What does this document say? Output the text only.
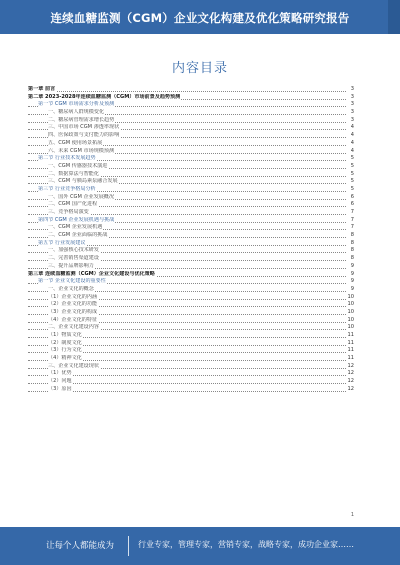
连续血糖监测（CGM）企业文化构建及优化策略研究报告
内容目录
第一章 前言	3
第二章 2023-2028年连续血糖监测（CGM）市场前景及趋势预测	3
第一节 CGM 市场需求分析及预测	3
一、糖尿病人群规模变化	3
二、糖尿病管理需求增长趋势	3
三、中国市场 CGM 渗透率现状	4
四、医保政策与支付能力的影响	4
五、CGM 使用场景拓展	4
六、未来 CGM 市场规模预测	4
第二节 行业技术发展趋势	5
一、CGM 传感器技术演进	5
二、数据算法与智能化	5
三、CGM 与胰岛素泵融合发展	5
第三节 行业竞争格局分析	5
一、国外 CGM 企业发展概况	6
二、CGM 国产化进程	6
三、竞争格局演变	7
第四节 CGM 企业发展机遇与挑战	7
一、CGM 企业发展机遇	7
二、CGM 企业面临的挑战	8
第五节 行业发展建议	8
一、加强核心技术研发	8
二、完善销售渠道建设	8
三、提升品牌影响力	9
第三章 连续血糖监测（CGM）企业文化建设与优化策略	9
第一节 企业文化建设的重要性	9
一、企业文化的概念	9
（1）企业文化的内涵	10
（2）企业文化的功能	10
（3）企业文化的构成	10
（4）企业文化的特征	10
二、企业文化建设内容	10
（1）物质文化	11
（2）制度文化	11
（3）行为文化	11
（4）精神文化	11
三、企业文化建设现状	12
（1）优势	12
（2）问题	12
（3）原因	12
1
让每个人都能成为	行业专家，管理专家，营销专家，战略专家，成功企业家……
